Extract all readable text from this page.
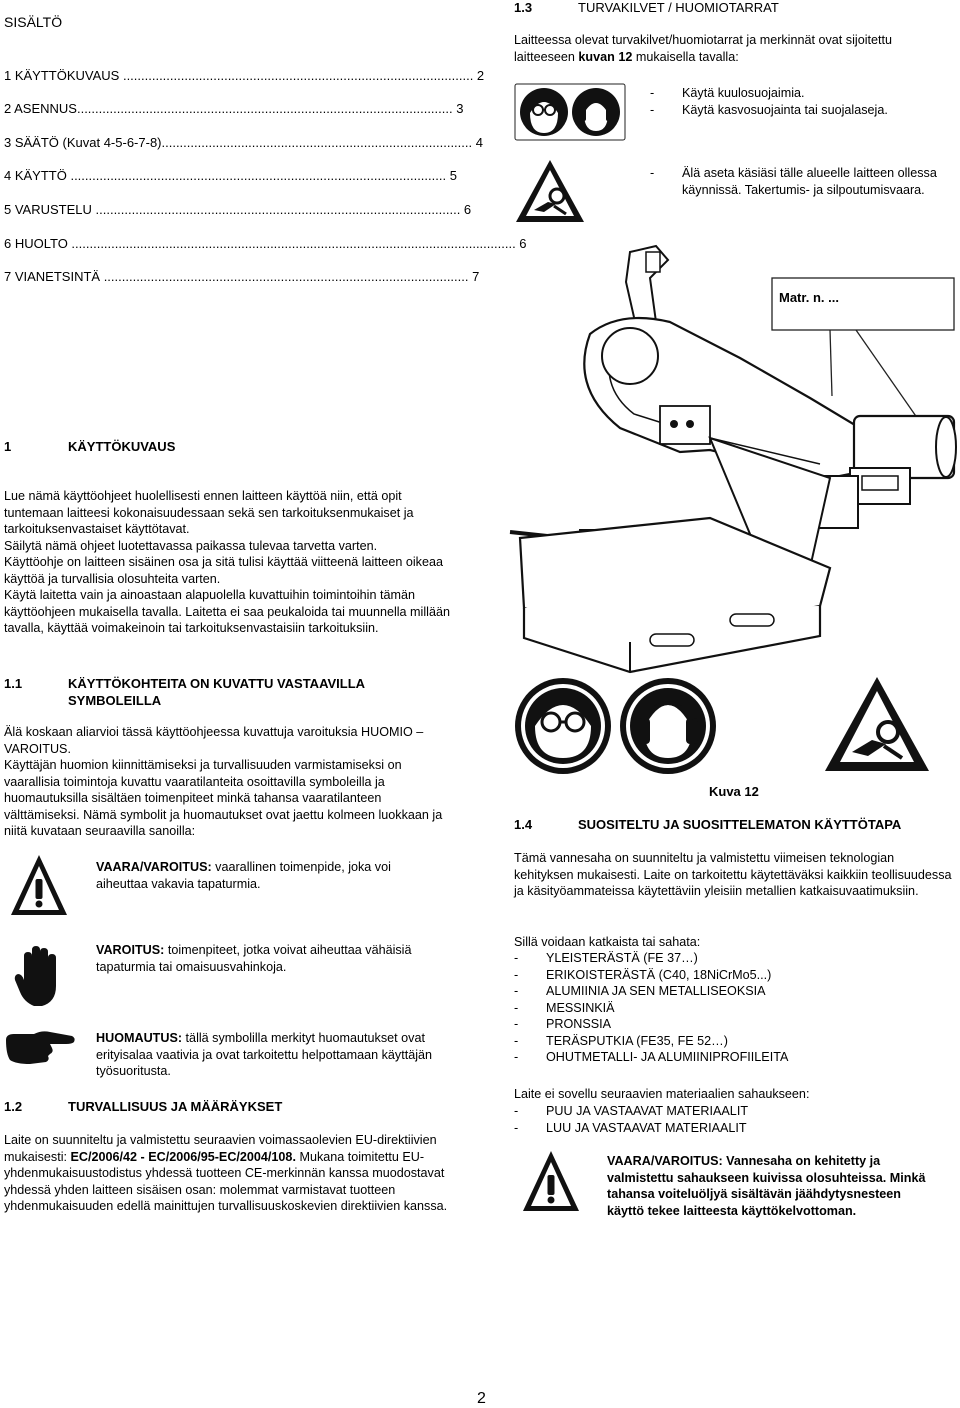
SISÄLTÖ
1 KÄYTTÖKUVAUS ................................................................................................. 2
2 ASENNUS........................................................................................................ 3
3 SÄÄTÖ (Kuvat 4-5-6-7-8)...................................................................................... 4
4 KÄYTTÖ ........................................................................................................ 5
5 VARUSTELU ..................................................................................................... 6
6 HUOLTO ........................................................................................................................... 6
7 VIANETSINTÄ ..................................................................................................... 7
1	KÄYTTÖKUVAUS

Lue nämä käyttöohjeet huolellisesti ennen laitteen käyttöä niin, että opit tuntemaan laitteesi kokonaisuudessaan sekä sen tarkoituksenmukaiset ja tarkoituksenvastaiset käyttötavat.

Säilytä nämä ohjeet luotettavassa paikassa tulevaa tarvetta varten.

Käyttöohje on laitteen sisäinen osa ja sitä tulisi käyttää viitteenä laitteen oikeaa käyttöä ja turvallisia olosuhteita varten.

Käytä laitetta vain ja ainoastaan alapuolella kuvattuihin toimintoihin tämän käyttöohjeen mukaisella tavalla. Laitetta ei saa peukaloida tai muunnella millään tavalla, käyttää voimakeinoin tai tarkoituksenvastaisiin tarkoituksiin.

1.1	KÄYTTÖKOHTEITA ON KUVATTU VASTAAVILLA
SYMBOLEILLA

Älä koskaan aliarvioi tässä käyttöohjeessa kuvattuja varoituksia HUOMIO – VAROITUS.

Käyttäjän huomion kiinnittämiseksi ja turvallisuuden varmistamiseksi on vaarallisia toimintoja kuvattu vaaratilanteita osoittavilla symboleilla ja huomautuksilla sisältäen toimenpiteet minkä tahansa vaaratilanteen välttämiseksi. Nämä symbolit ja huomautukset ovat jaettu kolmeen luokkaan ja niitä kuvataan seuraavilla sanoilla:

VAARA/VAROITUS: vaarallinen toimenpide, joka voi aiheuttaa vakavia tapaturmia.
VAROITUS: toimenpiteet, jotka voivat aiheuttaa vähäisiä tapaturmia tai omaisuusvahinkoja.
HUOMAUTUS: tällä symbolilla merkityt huomautukset ovat erityisalaa vaativia ja ovat tarkoitettu helpottamaan käyttäjän työsuoritusta.
1.2	TURVALLISUUS JA MÄÄRÄYKSET
Laite on suunniteltu ja valmistettu seuraavien voimassaolevien EU-direktiivien mukaisesti: EC/2006/42 - EC/2006/95-EC/2004/108. Mukana toimitettu EU-yhdenmukaisuustodistus yhdessä tuotteen CE-merkinnän kanssa muodostavat yhdessä yhden laitteen sisäisen osan: molemmat varmistavat tuotteen yhdenmukaisuuden edellä mainittujen turvallisuuskoskevien direktiivien kanssa.
1.3	TURVAKILVET / HUOMIOTARRAT
Laitteessa olevat turvakilvet/huomiotarrat ja merkinnät ovat sijoitettu laitteeseen kuvan 12 mukaisella tavalla:
- Käytä kuulosuojaimia.
- Käytä kasvosuojainta tai suojalaseja.
- Älä aseta käsiäsi tälle alueelle laitteen ollessa käynnissä. Takertumis- ja silpoutumisvaara.
Matr. n. ...
Kuva 12
1.4	SUOSITELTU JA SUOSITTELEMATON KÄYTTÖTAPA
Tämä vannesaha on suunniteltu ja valmistettu viimeisen teknologian kehityksen mukaisesti. Laite on tarkoitettu käytettäväksi kaikkiin teollisuudessa ja käsityöammateissa käytettäviin yleisiin metallien katkaisuvaatimuksiin.
Sillä voidaan katkaista tai sahata:
- YLEISTERÄSTÄ (FE 37…)
- ERIKOISTERÄSTÄ (C40, 18NiCrMo5...)
- ALUMIINIA JA SEN METALLISEOKSIA
- MESSINKIÄ
- PRONSSIA
- TERÄSPUTKIA (FE35, FE 52…)
- OHUTMETALLI- JA ALUMIINIPROFIILEITA
Laite ei sovellu seuraavien materiaalien sahaukseen:
- PUU JA VASTAAVAT MATERIAALIT
- LUU JA VASTAAVAT MATERIAALIT
VAARA/VAROITUS: Vannesaha on kehitetty ja valmistettu sahaukseen kuivissa olosuhteissa. Minkä tahansa voiteluöljyä sisältävän jäähdytysnesteen käyttö tekee laitteesta käyttökelvottoman.
2
